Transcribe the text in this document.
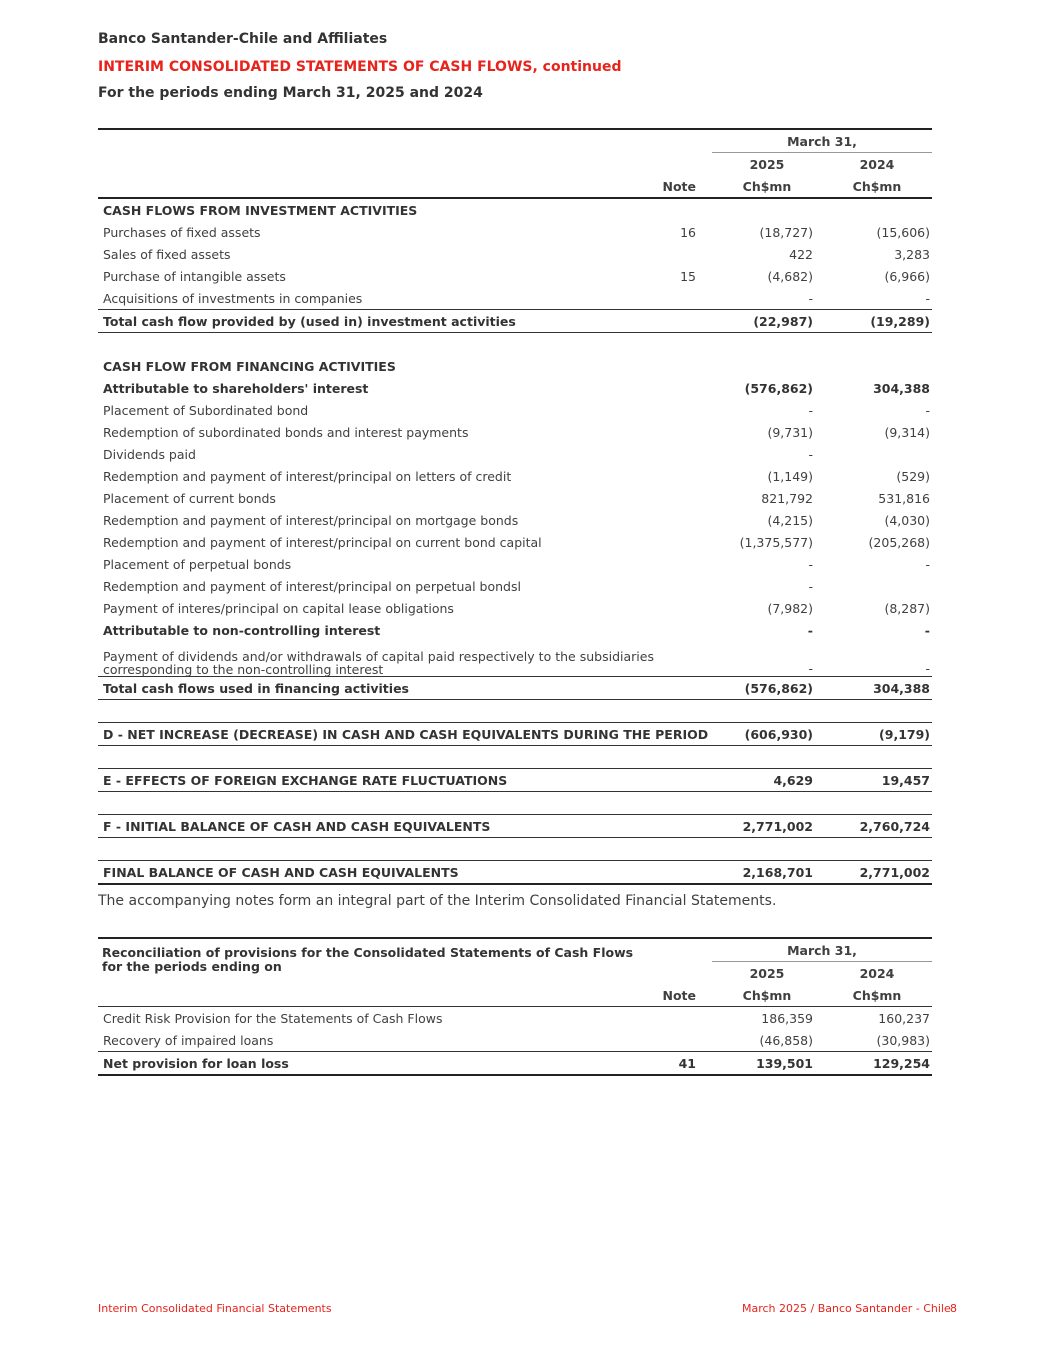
Banco Santander-Chile and Affiliates
INTERIM CONSOLIDATED STATEMENTS OF CASH FLOWS, continued
For the periods ending March 31, 2025 and 2024
		March 31,	
		2025	2024
	Note	Ch$mn	Ch$mn
CASH FLOWS FROM INVESTMENT ACTIVITIES			
Purchases of fixed assets	16	(18,727)	(15,606)
Sales of fixed assets		422	3,283
Purchase of intangible assets	15	(4,682)	(6,966)
Acquisitions of investments in companies		-	-
Total cash flow provided by (used in) investment activities		(22,987)	(19,289)

CASH FLOW FROM FINANCING ACTIVITIES			
Attributable to shareholders' interest		(576,862)	304,388
Placement of Subordinated bond		-	-
Redemption of subordinated bonds and interest payments		(9,731)	(9,314)
Dividends paid		-	
Redemption and payment of interest/principal on letters of credit		(1,149)	(529)
Placement of current bonds		821,792	531,816
Redemption and payment of interest/principal on mortgage bonds		(4,215)	(4,030)
Redemption and payment of interest/principal on current bond capital		(1,375,577)	(205,268)
Placement of perpetual bonds		-	-
Redemption and payment of interest/principal on perpetual bondsl		-	
Payment of interes/principal on capital lease obligations		(7,982)	(8,287)
Attributable to non-controlling interest		-	-
Payment of dividends and/or withdrawals of capital paid respectively to the subsidiaries corresponding to the non-controlling interest		-	-
Total cash flows used in financing activities		(576,862)	304,388

D - NET INCREASE (DECREASE) IN CASH AND CASH EQUIVALENTS DURING THE PERIOD		(606,930)	(9,179)

E - EFFECTS OF FOREIGN EXCHANGE RATE FLUCTUATIONS		4,629	19,457

F - INITIAL BALANCE OF CASH AND CASH EQUIVALENTS		2,771,002	2,760,724

FINAL BALANCE OF CASH AND CASH EQUIVALENTS		2,168,701	2,771,002
The accompanying notes form an integral part of the Interim Consolidated Financial Statements.
Reconciliation of provisions for the Consolidated Statements of Cash Flows for the periods ending on		March 31,	
		2025	2024
	Note	Ch$mn	Ch$mn
Credit Risk Provision for the Statements of Cash Flows		186,359	160,237
Recovery of impaired loans		(46,858)	(30,983)
Net provision for loan loss	41	139,501	129,254
Interim Consolidated Financial Statements	March 2025 / Banco Santander - Chile 8
